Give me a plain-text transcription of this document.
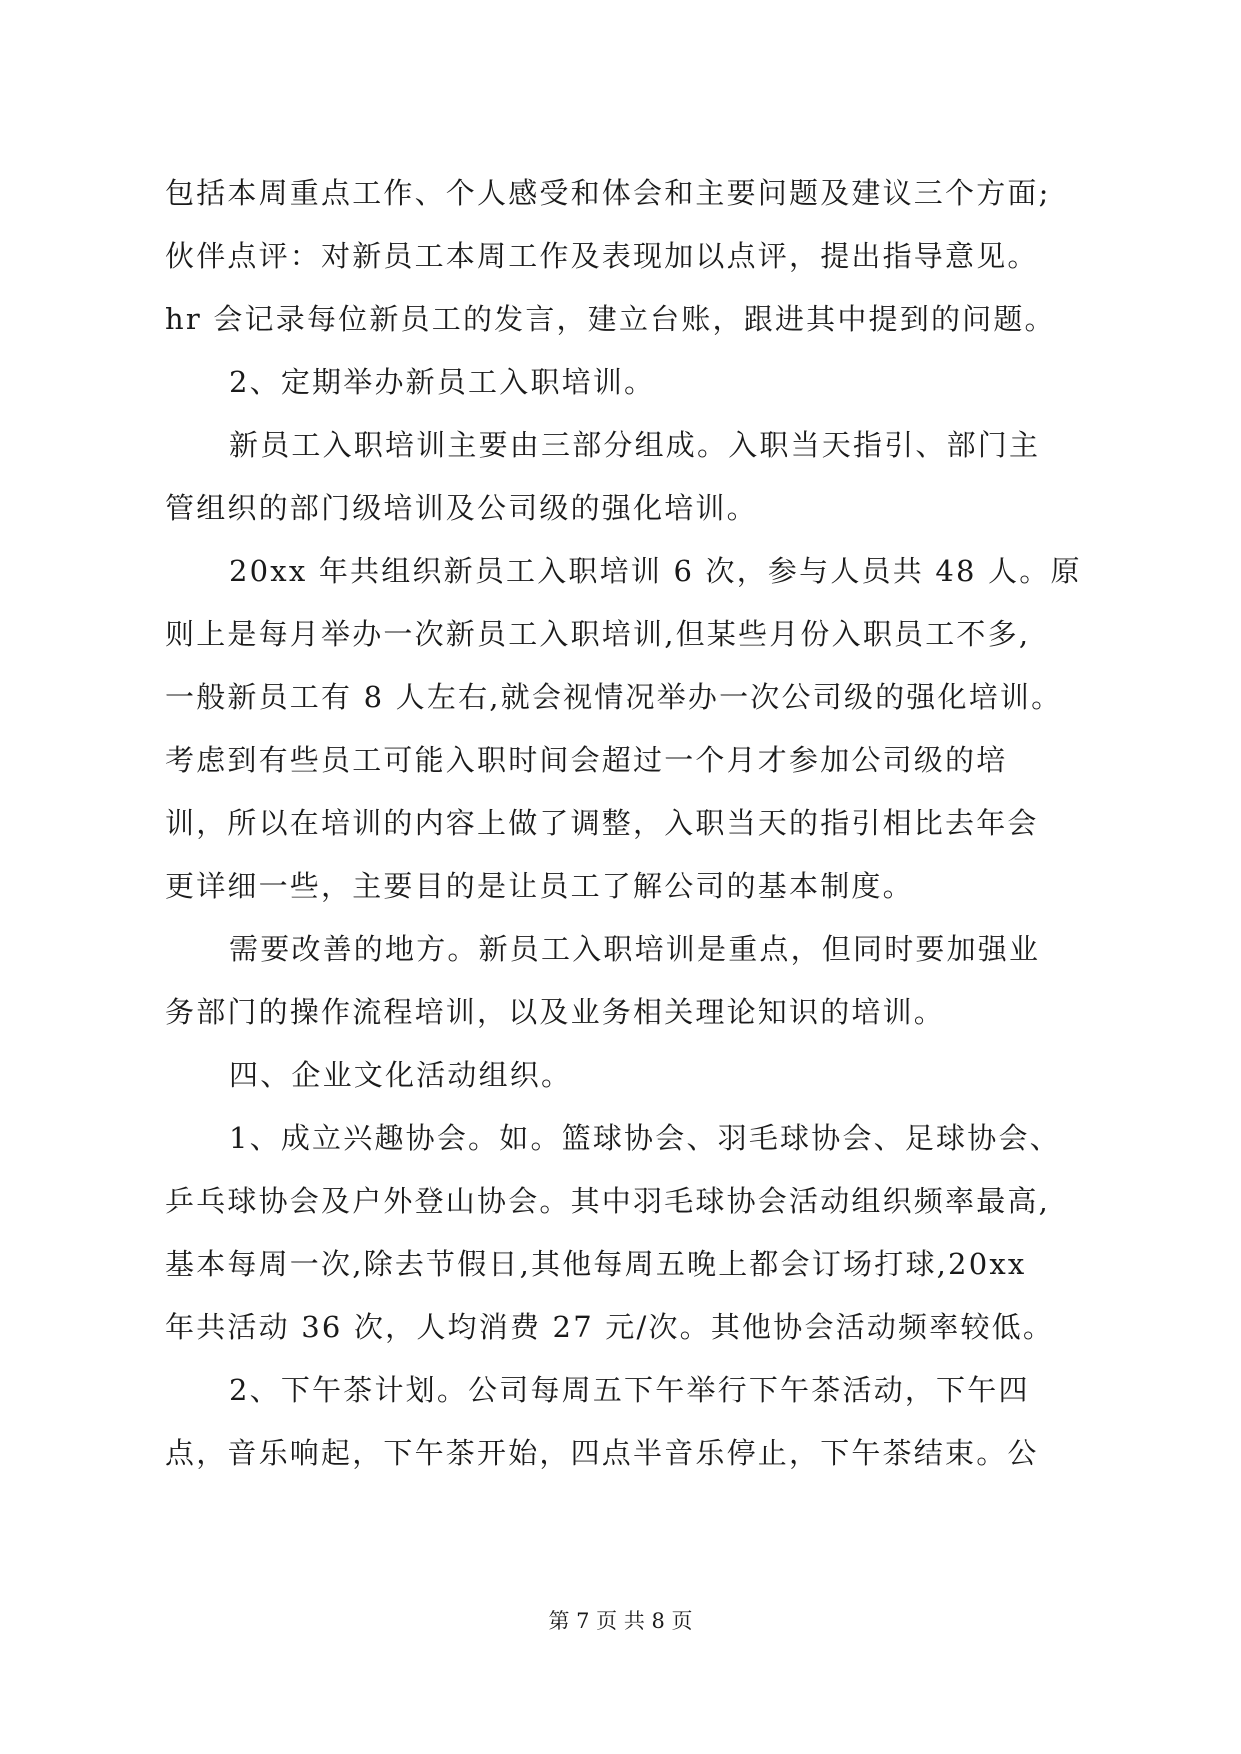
包括本周重点工作、个人感受和体会和主要问题及建议三个方面;
伙伴点评：对新员工本周工作及表现加以点评，提出指导意见。
hr 会记录每位新员工的发言，建立台账，跟进其中提到的问题。
2、定期举办新员工入职培训。
新员工入职培训主要由三部分组成。入职当天指引、部门主
管组织的部门级培训及公司级的强化培训。
20xx 年共组织新员工入职培训 6 次，参与人员共 48 人。原
则上是每月举办一次新员工入职培训,但某些月份入职员工不多,
一般新员工有 8 人左右,就会视情况举办一次公司级的强化培训。
考虑到有些员工可能入职时间会超过一个月才参加公司级的培
训，所以在培训的内容上做了调整，入职当天的指引相比去年会
更详细一些，主要目的是让员工了解公司的基本制度。
需要改善的地方。新员工入职培训是重点，但同时要加强业
务部门的操作流程培训，以及业务相关理论知识的培训。
四、企业文化活动组织。
1、成立兴趣协会。如。篮球协会、羽毛球协会、足球协会、
乒乓球协会及户外登山协会。其中羽毛球协会活动组织频率最高,
基本每周一次,除去节假日,其他每周五晚上都会订场打球,20xx
年共活动 36 次，人均消费 27 元/次。其他协会活动频率较低。
2、下午茶计划。公司每周五下午举行下午茶活动，下午四
点，音乐响起，下午茶开始，四点半音乐停止，下午茶结束。公
第 7 页 共 8 页
